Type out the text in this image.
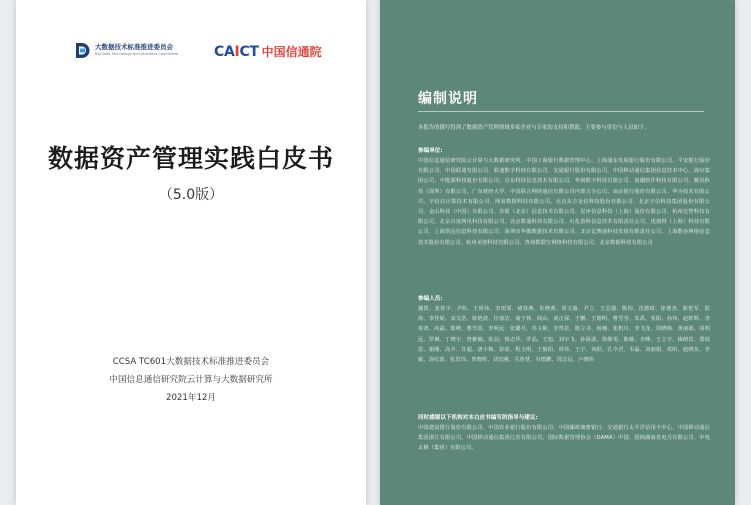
大数据技术标准推进委员会
Big Data Technology and Standard Committee	CAICT 中国信通院
数据资产管理实践白皮书
（5.0版）
CCSA TC601大数据技术标准推进委员会
中国信息通信研究院云计算与大数据研究所
2021年12月
编制说明
本报告的撰写得到了数据资产管理领域多家企业与专家的支持和帮助，主要参与单位与人员如下。
参编单位:
中国信息通信研究院云计算与大数据研究所、中国工商银行数据管理中心、上海浦东发展银行股份有限公司、平安银行股份有限公司、中国联通有限公司、联通数字科技有限公司、交通银行股份有限公司、中国移动通信集团信息技术中心、海尔集团公司、中能源科技股份有限公司、京东科技信息技术有限公司、华润数字科技有限公司、浪潮软件科技有限公司、腾讯科技（深圳）有限公司、广东财经大学、中国联合网络通信有限公司内蒙古分公司、南京银行股份有限公司、华为技术有限公司、宇信启计算技术有限公司、网易数据科技有限公司、北京东方金信科技股份有限公司、北京宇信科技集团股份有限公司、金山科技（中国）有限公司、苏银（北京）信息技术有限公司、星环信息科技（上海）股份有限公司、杭州比智科技有限公司、北京百度网讯科技有限公司、北京数通科技有限公司、石化盈科信息技术有限责任公司、优刻得（上海）科技有限公司、上海凯远信息科技有限公司、深圳市华傲数据技术有限公司、北京亿赛通科技发展有限责任公司、上海数谷网络信息技术股份有限公司、杭州美创科技有限公司、贵州数据宝网络科技有限公司、北京数据科技有限公司
参编人员:
魏凯、姜春宇、尹昕、王妍祎、李雨霏、褚春燕、朱晓燕、周文瑜、尹立、王志强、陈钧、沈德琦、徐德杰、陈伦军、陆涛、李佳妮、宋文浩、陈艳波、任康洁、聂子林、阎山、刘正保、于鹏、王德明、曹雪莹、朱禹、张阳、孙伟、赵晖辉、李春鸿、向磊、陈峰、曹雪瑶、李明远、张璐月、苏文彬、李然星、陈立书、杨楠、张机川、李飞龙、周晓梅、黄丽娟、胡明远、罗琳、丁晓宇、曾雅楠、张羽、杨志华、罗晶、王旭、刘宇飞、孙海波、徐静雯、陈薇、李峰、王立宇、梅晴宾、郑瑞思、谢刚、高升、许超、唐小梅、彭瑶、程玉明、王俊阳、谭伟、王宇、何阳、孔令君、韦磊、刘丽娟、邓昕、赵晓东、李敏、汤红波、张思玮、曾晓辉、刘宏刚、关春慧、吴德鹏、周志远、卢晓伟
同时感谢以下机构对本白皮书编写的指导与建议:
中国建设银行股份有限公司、中国农业银行股份有限公司、中国邮政储蓄银行、交通银行太平洋信用卡中心、中国移动通信集团浙江有限公司、中国移动通信集团江苏有限公司、国际数据管理协会（DAMA）中国、国网湖南省电力有限公司、中电太极（集团）有限公司。
